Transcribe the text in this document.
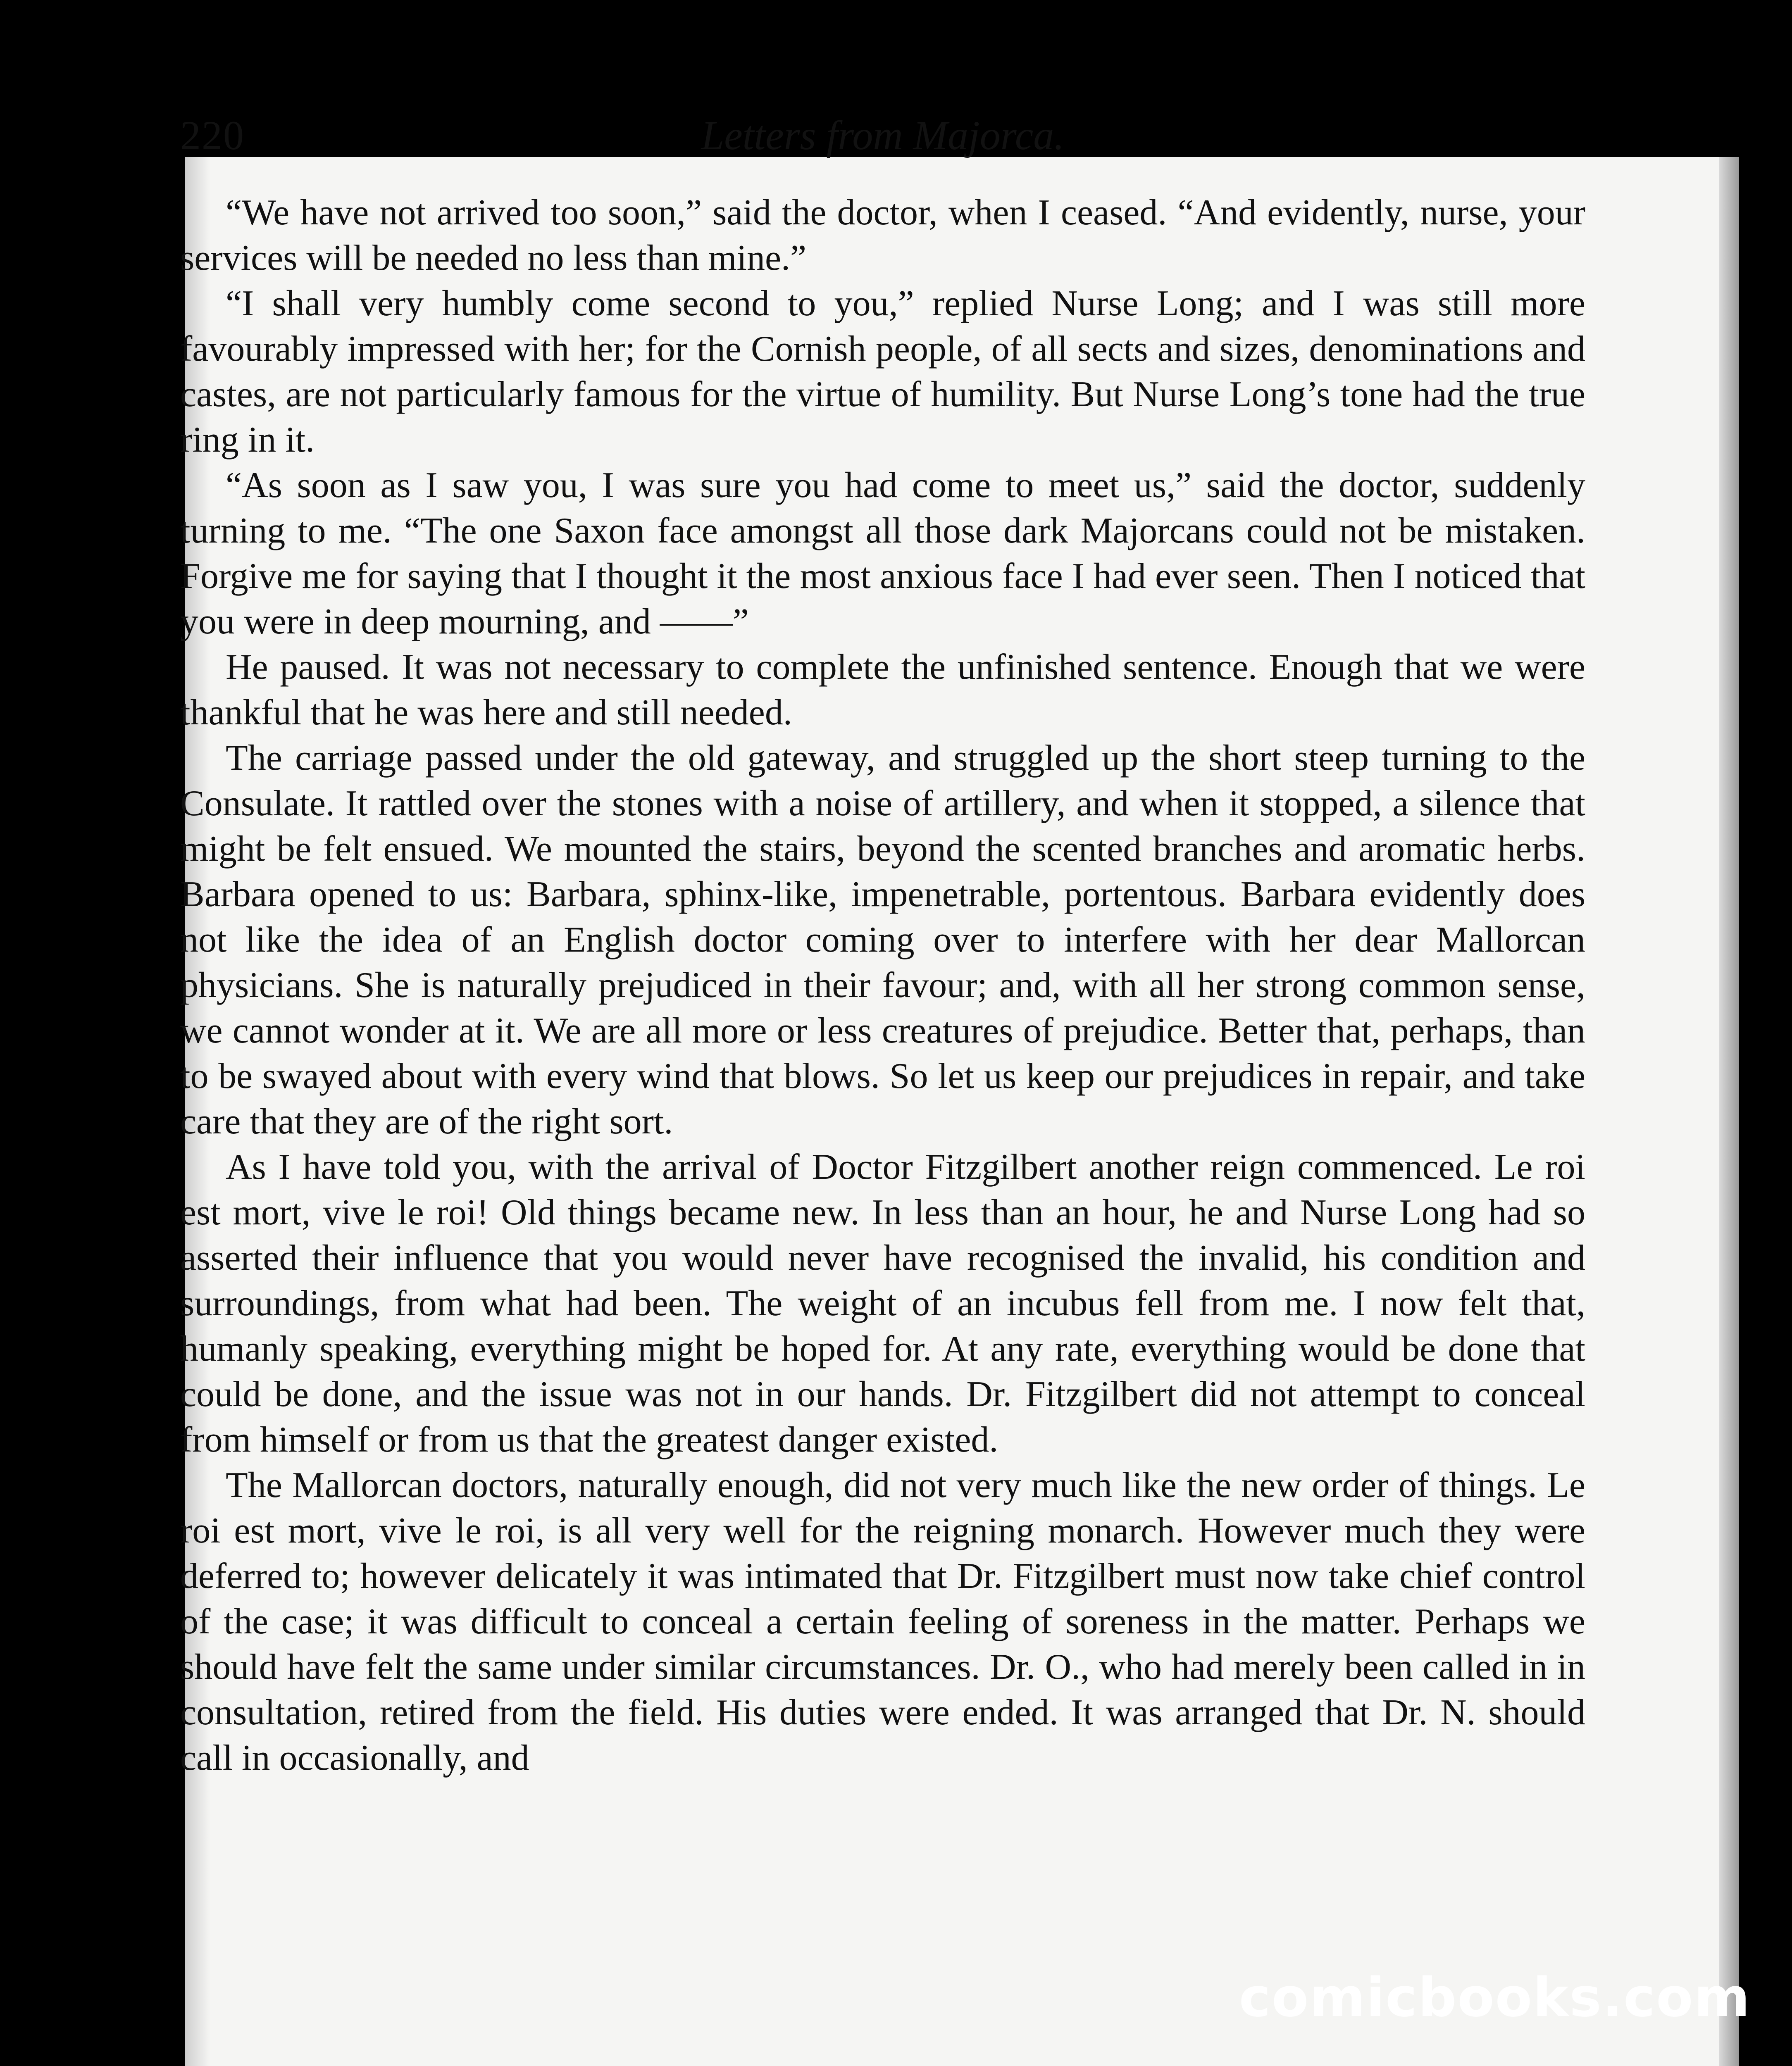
220	Letters from Majorca.

“We have not arrived too soon,” said the doctor, when I ceased. “And evidently, nurse, your services will be needed no less than mine.”

“I shall very humbly come second to you,” replied Nurse Long; and I was still more favourably impressed with her; for the Cornish people, of all sects and sizes, denominations and castes, are not particularly famous for the virtue of humility. But Nurse Long’s tone had the true ring in it.

“As soon as I saw you, I was sure you had come to meet us,” said the doctor, suddenly turning to me. “The one Saxon face amongst all those dark Majorcans could not be mistaken. Forgive me for saying that I thought it the most anxious face I had ever seen. Then I noticed that you were in deep mourning, and ——”

He paused. It was not necessary to complete the unfinished sentence. Enough that we were thankful that he was here and still needed.

The carriage passed under the old gateway, and struggled up the short steep turning to the Consulate. It rattled over the stones with a noise of artillery, and when it stopped, a silence that might be felt ensued. We mounted the stairs, beyond the scented branches and aromatic herbs. Barbara opened to us: Barbara, sphinx-like, impenetrable, portentous. Barbara evidently does not like the idea of an English doctor coming over to interfere with her dear Mallorcan physicians. She is naturally prejudiced in their favour; and, with all her strong common sense, we cannot wonder at it. We are all more or less creatures of prejudice. Better that, perhaps, than to be swayed about with every wind that blows. So let us keep our prejudices in repair, and take care that they are of the right sort.

As I have told you, with the arrival of Doctor Fitzgilbert another reign commenced. Le roi est mort, vive le roi! Old things became new. In less than an hour, he and Nurse Long had so asserted their influence that you would never have recognised the invalid, his condition and surroundings, from what had been. The weight of an incubus fell from me. I now felt that, humanly speaking, everything might be hoped for. At any rate, everything would be done that could be done, and the issue was not in our hands. Dr. Fitzgilbert did not attempt to conceal from himself or from us that the greatest danger existed.

The Mallorcan doctors, naturally enough, did not very much like the new order of things. Le roi est mort, vive le roi, is all very well for the reigning monarch. However much they were deferred to; however delicately it was intimated that Dr. Fitzgilbert must now take chief control of the case; it was difficult to conceal a certain feeling of soreness in the matter. Perhaps we should have felt the same under similar circumstances. Dr. O., who had merely been called in in consultation, retired from the field. His duties were ended. It was arranged that Dr. N. should call in occasionally, and

comicbooks.com
